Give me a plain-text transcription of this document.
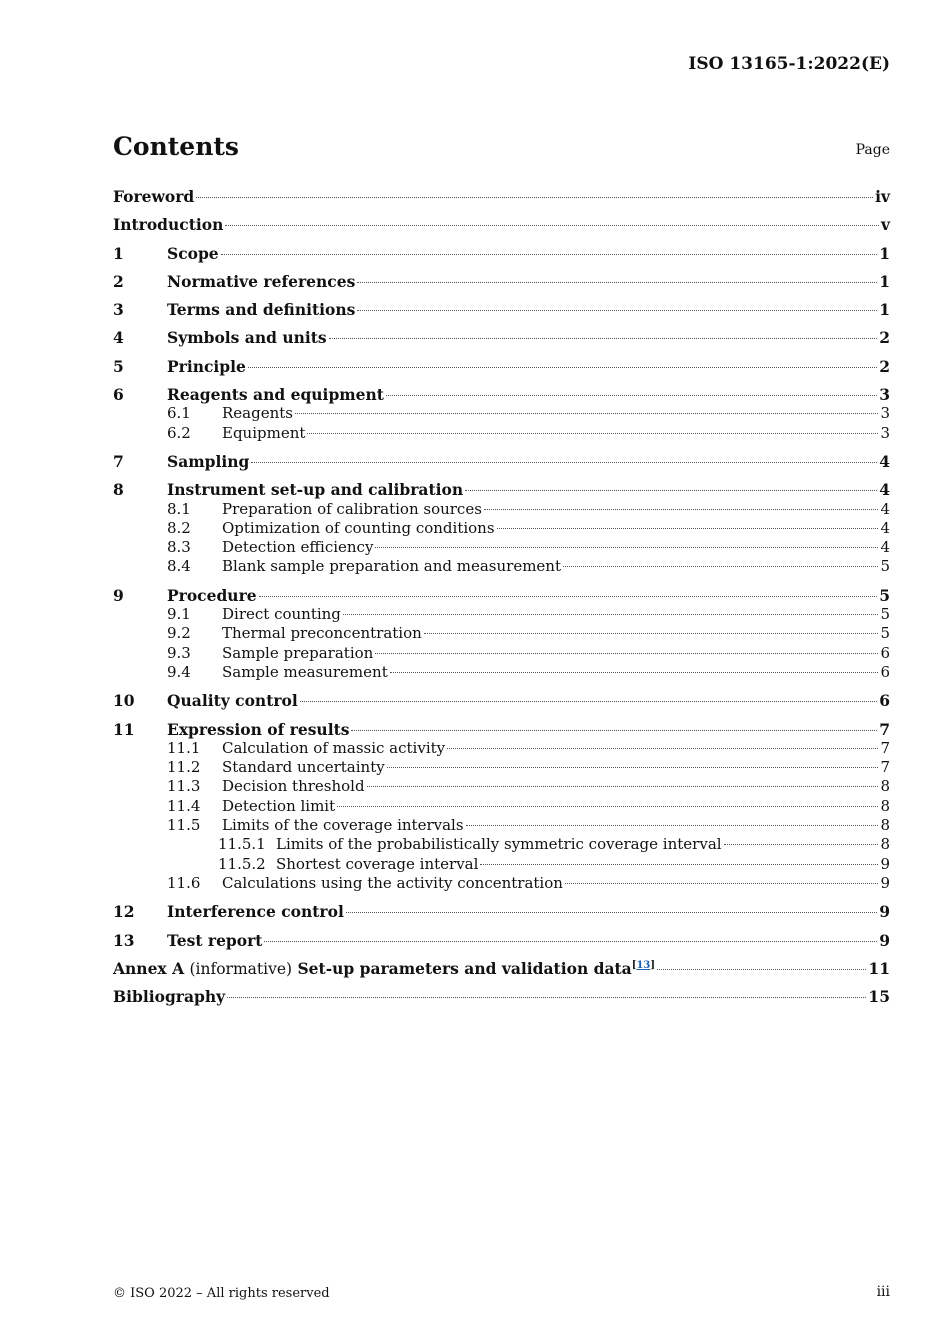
ISO 13165-1:2022(E)
Contents	Page
Foreword	iv
Introduction	v
1	Scope	1
2	Normative references	1
3	Terms and definitions	1
4	Symbols and units	2
5	Principle	2
6	Reagents and equipment	3
6.1	Reagents	3
6.2	Equipment	3
7	Sampling	4
8	Instrument set-up and calibration	4
8.1	Preparation of calibration sources	4
8.2	Optimization of counting conditions	4
8.3	Detection efficiency	4
8.4	Blank sample preparation and measurement	5
9	Procedure	5
9.1	Direct counting	5
9.2	Thermal preconcentration	5
9.3	Sample preparation	6
9.4	Sample measurement	6
10	Quality control	6
11	Expression of results	7
11.1	Calculation of massic activity	7
11.2	Standard uncertainty	7
11.3	Decision threshold	8
11.4	Detection limit	8
11.5	Limits of the coverage intervals	8
11.5.1 Limits of the probabilistically symmetric coverage interval	8
11.5.2 Shortest coverage interval	9
11.6	Calculations using the activity concentration	9
12	Interference control	9
13	Test report	9
Annex A (informative) Set-up parameters and validation data[13]	11
Bibliography	15
© ISO 2022 – All rights reserved	iii
